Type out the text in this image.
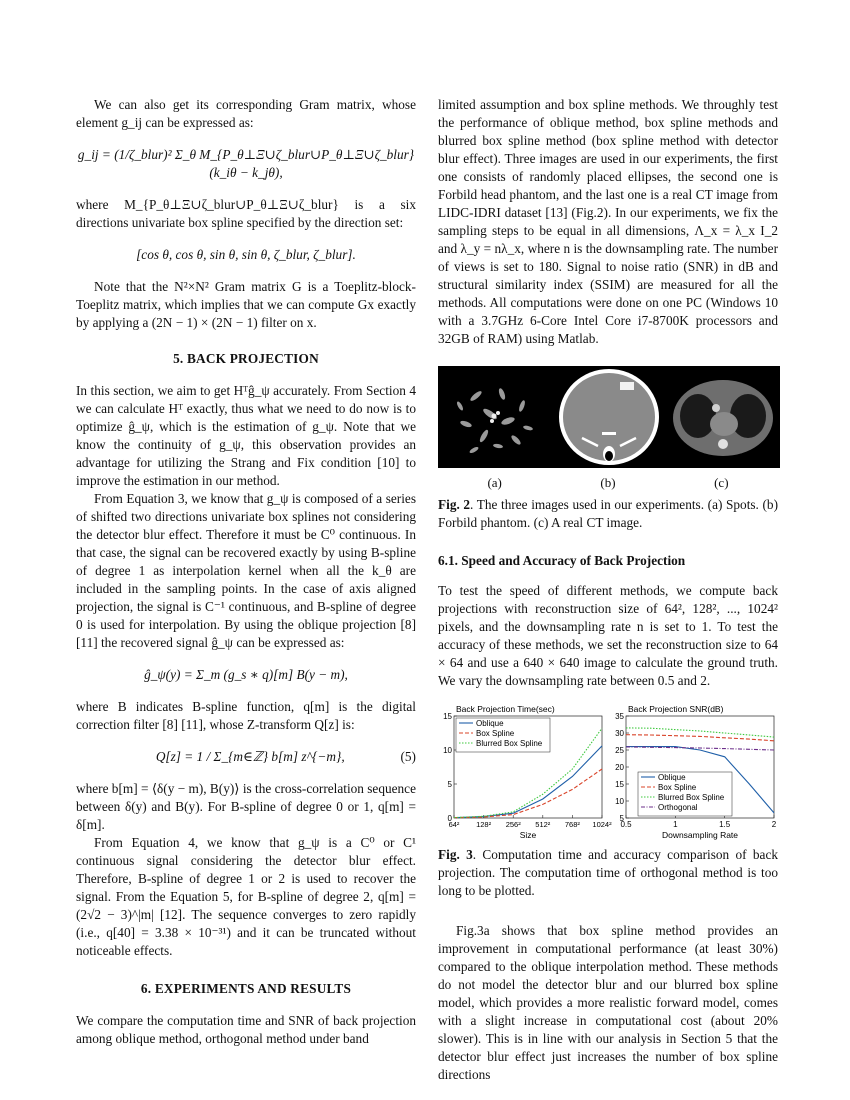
We can also get its corresponding Gram matrix, whose element g_ij can be expressed as:

g_ij = (1/ζ_blur)² Σ_θ M_{P_θ⊥Ξ∪ζ_blur∪P_θ⊥Ξ∪ζ_blur}(k_iθ − k_jθ),

where M_{P_θ⊥Ξ∪ζ_blur∪P_θ⊥Ξ∪ζ_blur} is a six directions univariate box spline specified by the direction set:

[cos θ, cos θ, sin θ, sin θ, ζ_blur, ζ_blur].

Note that the N²×N² Gram matrix G is a Toeplitz-block-Toeplitz matrix, which implies that we can compute Gx exactly by applying a (2N − 1) × (2N − 1) filter on x.

5. BACK PROJECTION

In this section, we aim to get Hᵀĝ_ψ accurately. From Section 4 we can calculate Hᵀ exactly, thus what we need to do now is to optimize ĝ_ψ, which is the estimation of g_ψ. Note that we know the continuity of g_ψ, this observation provides an advantage for utilizing the Strang and Fix condition [10] to improve the estimation in our method.

From Equation 3, we know that g_ψ is composed of a series of shifted two directions univariate box splines not considering the detector blur effect. Therefore it must be C⁰ continuous. In that case, the signal can be recovered exactly by using B-spline of degree 1 as interpolation kernel when all the k_θ are included in the sampling points. In the case of axis aligned projection, the signal is C⁻¹ continuous, and B-spline of degree 0 is used for interpolation. By using the oblique projection [8] [11] the recovered signal ĝ_ψ can be expressed as:

ĝ_ψ(y) = Σ_m (g_s ∗ q)[m] B(y − m),

where B indicates B-spline function, q[m] is the digital correction filter [8] [11], whose Z-transform Q[z] is:

Q[z] = 1 / Σ_{m∈ℤ} b[m] z^{−m},	(5)

where b[m] = ⟨δ(y − m), B(y)⟩ is the cross-correlation sequence between δ(y) and B(y). For B-spline of degree 0 or 1, q[m] = δ[m].

From Equation 4, we know that g_ψ is a C⁰ or C¹ continuous signal considering the detector blur effect. Therefore, B-spline of degree 1 or 2 is used to recover the signal. From the Equation 5, for B-spline of degree 2, q[m] = (2√2 − 3)^|m| [12]. The sequence converges to zero rapidly (i.e., q[40] = 3.38 × 10⁻³¹) and it can be truncated without noticeable effects.

6. EXPERIMENTS AND RESULTS

We compare the computation time and SNR of back projection among oblique method, orthogonal method under band

limited assumption and box spline methods. We throughly test the performance of oblique method, box spline methods and blurred box spline method (box spline method with detector blur effect). Three images are used in our experiments, the first one consists of randomly placed ellipses, the second one is Forbild head phantom, and the last one is a real CT image from LIDC-IDRI dataset [13] (Fig.2). In our experiments, we fix the sampling steps to be equal in all dimensions, Λ_x = λ_x I_2 and λ_y = nλ_x, where n is the downsampling rate. The number of views is set to 180. Signal to noise ratio (SNR) in dB and structural similarity index (SSIM) are measured for all the methods. All computations were done on one PC (Windows 10 with a 3.7GHz 6-Core Intel Core i7-8700K processors and 32GB of RAM) using Matlab.

(a)	(b)	(c)

Fig. 2. The three images used in our experiments. (a) Spots. (b) Forbild phantom. (c) A real CT image.

6.1. Speed and Accuracy of Back Projection

To test the speed of different methods, we compute back projections with reconstruction size of 64², 128², ..., 1024² pixels, and the downsampling rate n is set to 1. To test the accuracy of these methods, we set the reconstruction size to 64 × 64 and use a 640 × 640 image to calculate the ground truth. We vary the downsampling rate between 0.5 and 2.

Back Projection Time(sec)
0
5
10
15
64² 128² 256² 512² 768² 1024²
Size
Oblique
Box Spline
Blurred Box Spline
Back Projection SNR(dB)
5
10
15
20
25
30
35
0.5	1	1.5	2
Downsampling Rate
Oblique
Box Spline
Blurred Box Spline
Orthogonal

Fig. 3. Computation time and accuracy comparison of back projection. The computation time of orthogonal method is too long to be plotted.

Fig.3a shows that box spline method provides an improvement in computational performance (at least 30%) compared to the oblique interpolation method. These methods do not model the detector blur and our blurred box spline model, which provides a more realistic forward model, comes with a slight increase in computational cost (about 20% slower). This is in line with our analysis in Section 5 that the detector blur effect just increases the number of box spline directions
